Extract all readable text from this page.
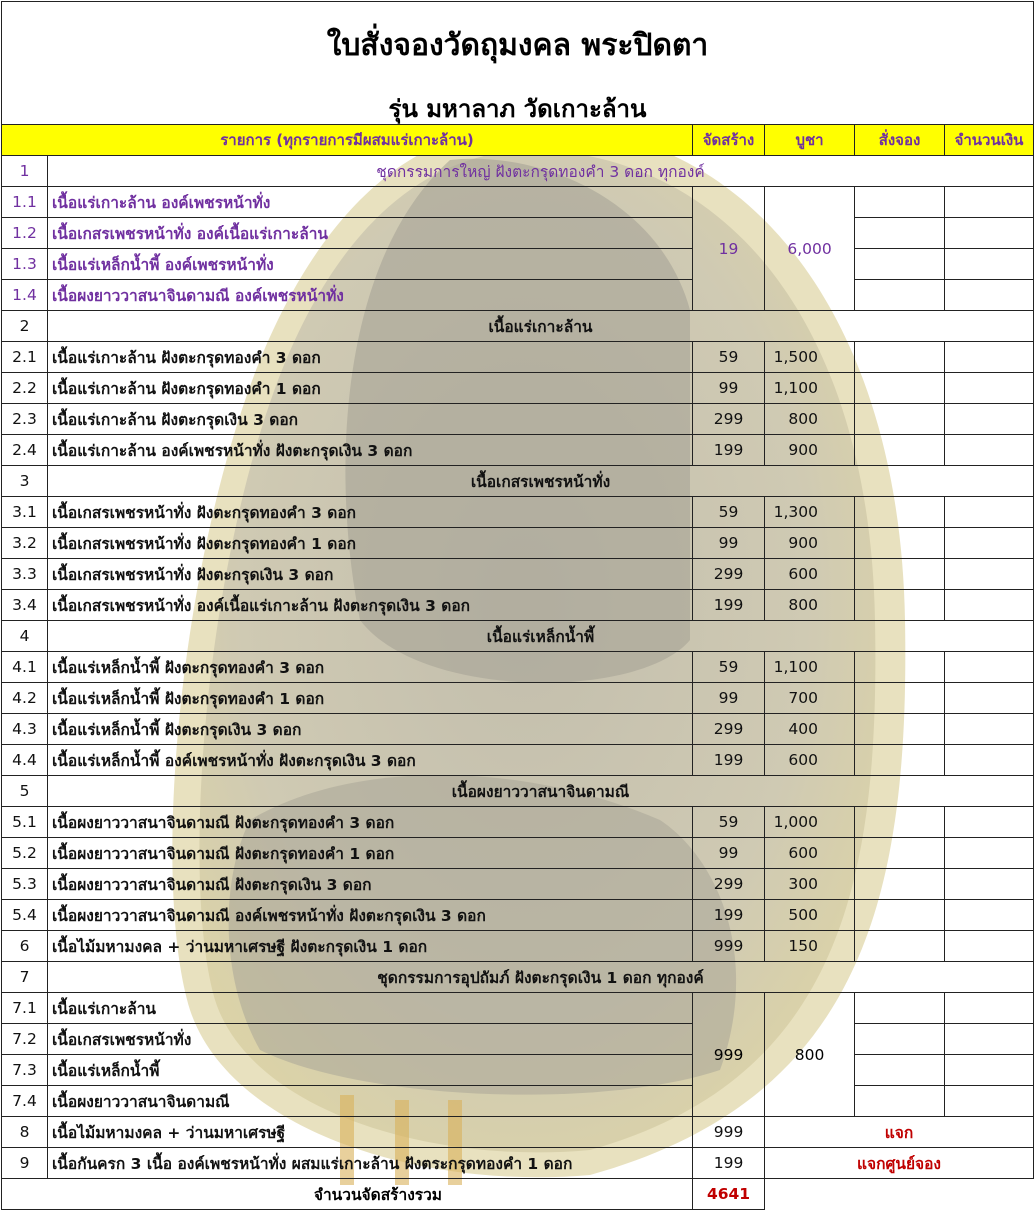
ใบสั่งจองวัดถุมงคล พระปิดตา
รุ่น มหาลาภ วัดเกาะล้าน
รายการ (ทุกรายการมีผสมแร่เกาะล้าน)		จัดสร้าง	บูชา	สั่งจอง	จำนวนเงิน
1	ชุดกรรมการใหญ่ ฝังตะกรุดทองคำ 3 ดอก ทุกองค์				
1.1	เนื้อแร่เกาะล้าน องค์เพชรหน้าทั่ง	19	6,000		
1.2	เนื้อเกสรเพชรหน้าทั่ง องค์เนื้อแร่เกาะล้าน				
1.3	เนื้อแร่เหล็กน้ำพี้ องค์เพชรหน้าทั่ง				
1.4	เนื้อผงยาววาสนาจินดามณี องค์เพชรหน้าทั่ง				
2	เนื้อแร่เกาะล้าน				
2.1	เนื้อแร่เกาะล้าน ฝังตะกรุดทองคำ 3 ดอก	59	1,500		
2.2	เนื้อแร่เกาะล้าน ฝังตะกรุดทองคำ 1 ดอก	99	1,100		
2.3	เนื้อแร่เกาะล้าน ฝังตะกรุดเงิน 3 ดอก	299	800		
2.4	เนื้อแร่เกาะล้าน องค์เพชรหน้าทั่ง ฝังตะกรุดเงิน 3 ดอก	199	900		
3	เนื้อเกสรเพชรหน้าทั่ง				
3.1	เนื้อเกสรเพชรหน้าทั่ง ฝังตะกรุดทองคำ 3 ดอก	59	1,300		
3.2	เนื้อเกสรเพชรหน้าทั่ง ฝังตะกรุดทองคำ 1 ดอก	99	900		
3.3	เนื้อเกสรเพชรหน้าทั่ง ฝังตะกรุดเงิน 3 ดอก	299	600		
3.4	เนื้อเกสรเพชรหน้าทั่ง องค์เนื้อแร่เกาะล้าน ฝังตะกรุดเงิน 3 ดอก	199	800		
4	เนื้อแร่เหล็กน้ำพี้				
4.1	เนื้อแร่เหล็กน้ำพี้ ฝังตะกรุดทองคำ 3 ดอก	59	1,100		
4.2	เนื้อแร่เหล็กน้ำพี้ ฝังตะกรุดทองคำ 1 ดอก	99	700		
4.3	เนื้อแร่เหล็กน้ำพี้ ฝังตะกรุดเงิน 3 ดอก	299	400		
4.4	เนื้อแร่เหล็กน้ำพี้ องค์เพชรหน้าทั่ง ฝังตะกรุดเงิน 3 ดอก	199	600		
5	เนื้อผงยาววาสนาจินดามณี				
5.1	เนื้อผงยาววาสนาจินดามณี ฝังตะกรุดทองคำ 3 ดอก	59	1,000		
5.2	เนื้อผงยาววาสนาจินดามณี ฝังตะกรุดทองคำ 1 ดอก	99	600		
5.3	เนื้อผงยาววาสนาจินดามณี ฝังตะกรุดเงิน 3 ดอก	299	300		
5.4	เนื้อผงยาววาสนาจินดามณี องค์เพชรหน้าทั่ง ฝังตะกรุดเงิน 3 ดอก	199	500		
6	เนื้อไม้มหามงคล + ว่านมหาเศรษฐี ฝังตะกรุดเงิน 1 ดอก	999	150		
7	ชุดกรรมการอุปถัมภ์ ฝังตะกรุดเงิน 1 ดอก ทุกองค์				
7.1	เนื้อแร่เกาะล้าน	999	800		
7.2	เนื้อเกสรเพชรหน้าทั่ง				
7.3	เนื้อแร่เหล็กน้ำพี้				
7.4	เนื้อผงยาววาสนาจินดามณี				
8	เนื้อไม้มหามงคล + ว่านมหาเศรษฐี	999	แจก		
9	เนื้อกันครก 3 เนื้อ องค์เพชรหน้าทั่ง ผสมแร่เกาะล้าน ฝังตระกรุดทองคำ 1 ดอก	199	แจกศูนย์จอง		
จำนวนจัดสร้างรวม		4641			
